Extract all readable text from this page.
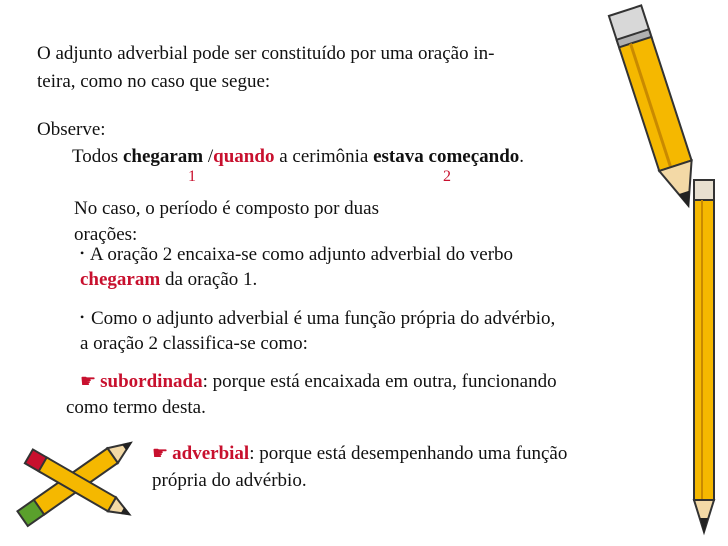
O adjunto adverbial pode ser constituído por uma oração in-
teira, como no caso que segue:
Observe:
Todos chegaram /quando a cerimônia estava começando.
1	2
No caso, o período é composto por duas
orações:
• A oração 2 encaixa-se como adjunto adverbial do verbo
chegaram da oração 1.
• Como o adjunto adverbial é uma função própria do advérbio,
a oração 2 classifica-se como:
☛ subordinada: porque está encaixada em outra, funcionando
como termo desta.
☛ adverbial: porque está desempenhando uma função
própria do advérbio.
